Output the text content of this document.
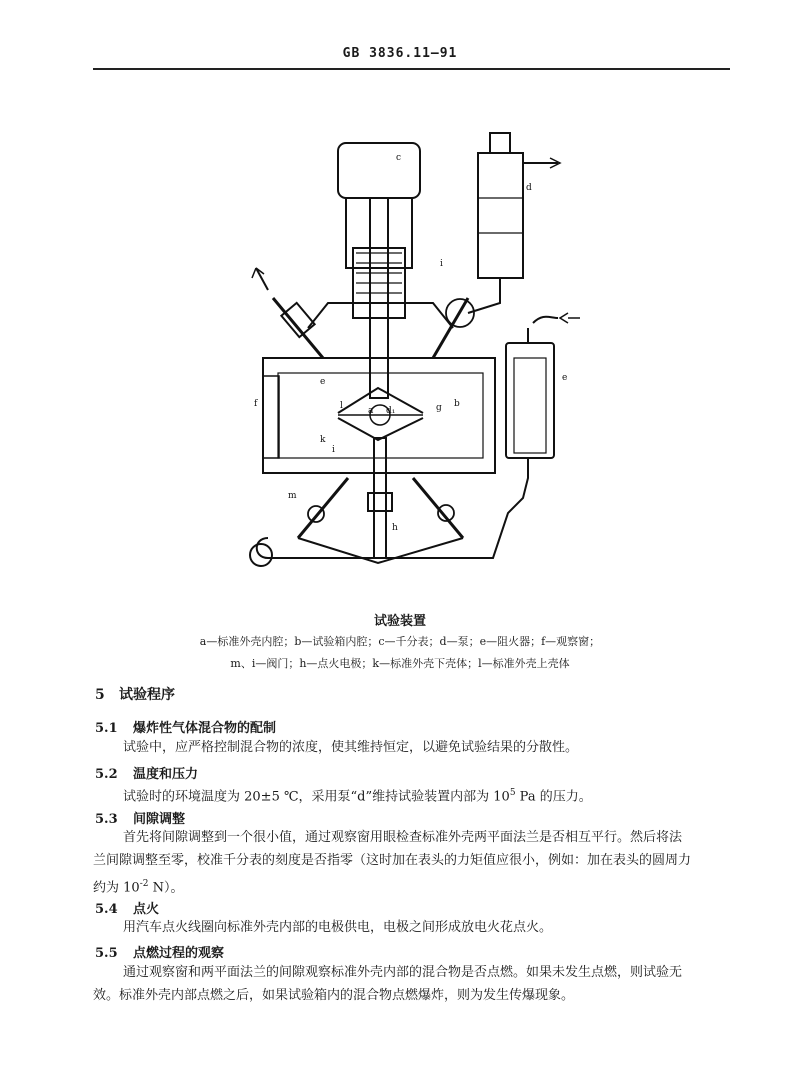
GB 3836.11—91
c
d
i
e	e
f	l	a d₁	g b
k
i
m
h
试验装置
a—标准外壳内腔；b—试验箱内腔；c—千分表；d—泵；e—阻火器；f—观察窗；
m、i—阀门；h—点火电极；k—标准外壳下壳体；l—标准外壳上壳体
5 试验程序
5.1 爆炸性气体混合物的配制
试验中，应严格控制混合物的浓度，使其维持恒定，以避免试验结果的分散性。
5.2 温度和压力
试验时的环境温度为 20±5 ℃，采用泵“d”维持试验装置内部为 $10^5$ Pa 的压力。
5.3 间隙调整
首先将间隙调整到一个很小值，通过观察窗用眼检查标准外壳两平面法兰是否相互平行。然后将法
兰间隙调整至零，校准千分表的刻度是否指零（这时加在表头的力矩值应很小，例如：加在表头的圆周力
约为 $10^{-2}$ N）。
5.4 点火
用汽车点火线圈向标准外壳内部的电极供电，电极之间形成放电火花点火。
5.5 点燃过程的观察
通过观察窗和两平面法兰的间隙观察标准外壳内部的混合物是否点燃。如果未发生点燃，则试验无
效。标准外壳内部点燃之后，如果试验箱内的混合物点燃爆炸，则为发生传爆现象。
